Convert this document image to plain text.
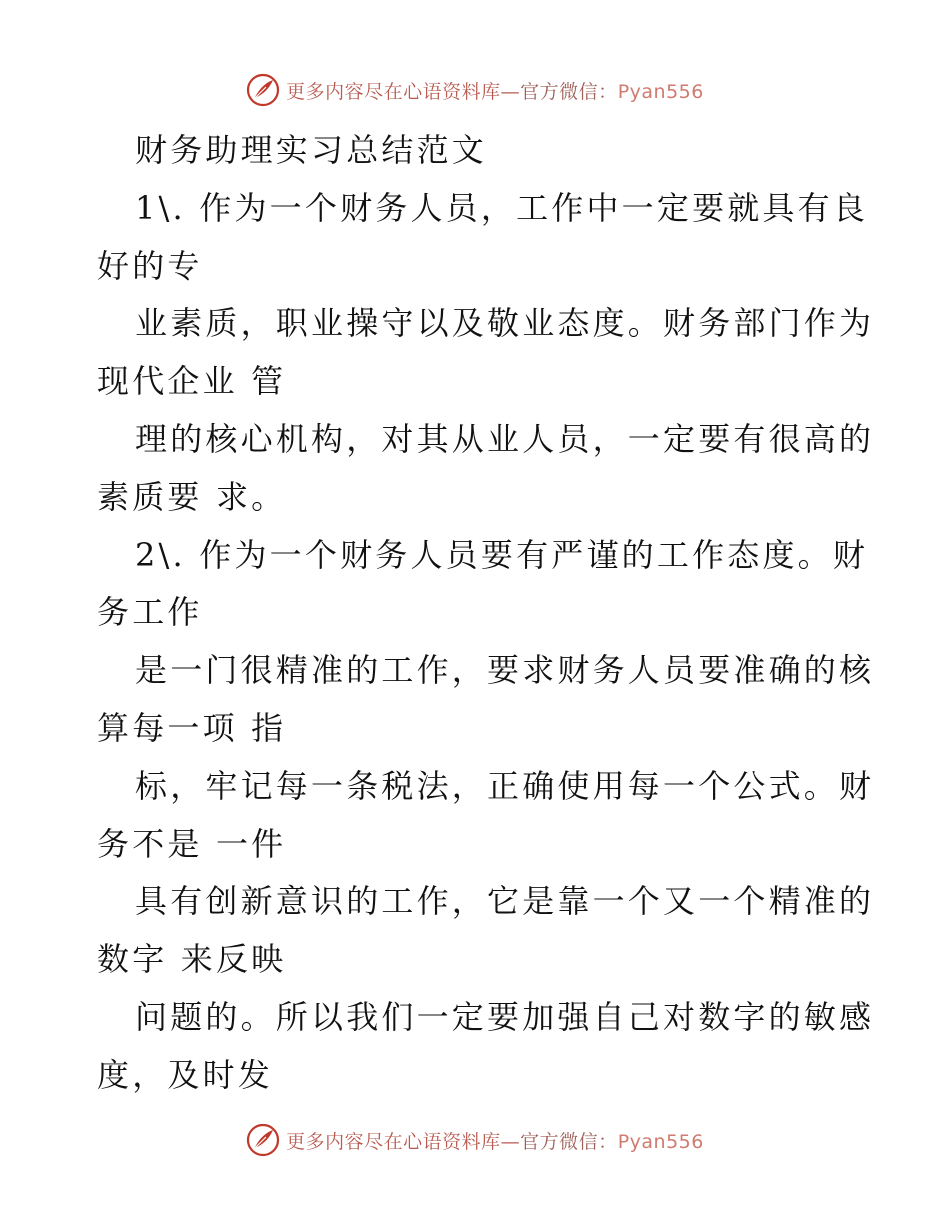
更多内容尽在心语资料库—官方微信：Pyan556
财务助理实习总结范文
1\. 作为一个财务人员，工作中一定要就具有良
好的专
业素质，职业操守以及敬业态度。财务部门作为
现代企业 管
理的核心机构，对其从业人员，一定要有很高的
素质要 求。
2\. 作为一个财务人员要有严谨的工作态度。财
务工作
是一门很精准的工作，要求财务人员要准确的核
算每一项 指
标，牢记每一条税法，正确使用每一个公式。财
务不是 一件
具有创新意识的工作，它是靠一个又一个精准的
数字 来反映
问题的。所以我们一定要加强自己对数字的敏感
度，及时发
更多内容尽在心语资料库—官方微信：Pyan556
